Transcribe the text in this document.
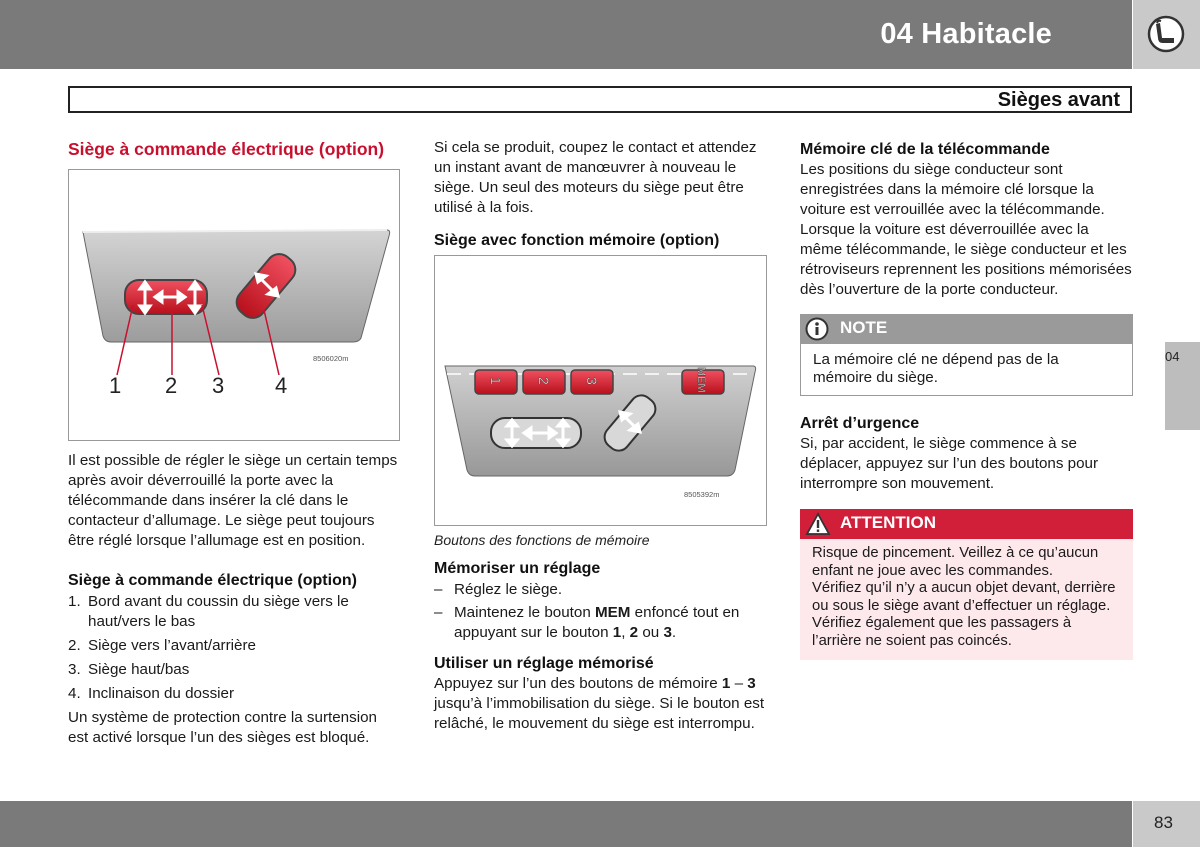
04 Habitacle
Sièges avant
Siège à commande électrique (option)
8506020m
1 2 3 4

Il est possible de régler le siège un certain temps après avoir déverrouillé la porte avec la télécommande dans insérer la clé dans le contacteur d’allumage. Le siège peut toujours être réglé lorsque l’allumage est en position.

Siège à commande électrique (option)
1. Bord avant du coussin du siège vers le haut/vers le bas
2. Siège vers l’avant/arrière
3. Siège haut/bas
4. Inclinaison du dossier

Un système de protection contre la surtension est activé lorsque l’un des sièges est bloqué.

Si cela se produit, coupez le contact et attendez un instant avant de manœuvrer à nouveau le siège. Un seul des moteurs du siège peut être utilisé à la fois.

Siège avec fonction mémoire (option)
1 2 3	MEM
8505392m
Boutons des fonctions de mémoire
Mémoriser un réglage
– Réglez le siège.
– Maintenez le bouton MEM enfoncé tout en appuyant sur le bouton 1, 2 ou 3.
Utiliser un réglage mémorisé

Appuyez sur l’un des boutons de mémoire 1 – 3 jusqu’à l’immobilisation du siège. Si le bouton est relâché, le mouvement du siège est interrompu.

Mémoire clé de la télécommande

Les positions du siège conducteur sont enregistrées dans la mémoire clé lorsque la voiture est verrouillée avec la télécommande. Lorsque la voiture est déverrouillée avec la même télécommande, le siège conducteur et les rétroviseurs reprennent les positions mémorisées dès l’ouverture de la porte conducteur.

NOTE

La mémoire clé ne dépend pas de la mémoire du siège.

Arrêt d’urgence

Si, par accident, le siège commence à se déplacer, appuyez sur l’un des boutons pour interrompre son mouvement.

ATTENTION

Risque de pincement. Veillez à ce qu’aucun enfant ne joue avec les commandes.

Vérifiez qu’il n’y a aucun objet devant, derrière ou sous le siège avant d’effectuer un réglage.

Vérifiez également que les passagers à l’arrière ne soient pas coincés.

04
83
